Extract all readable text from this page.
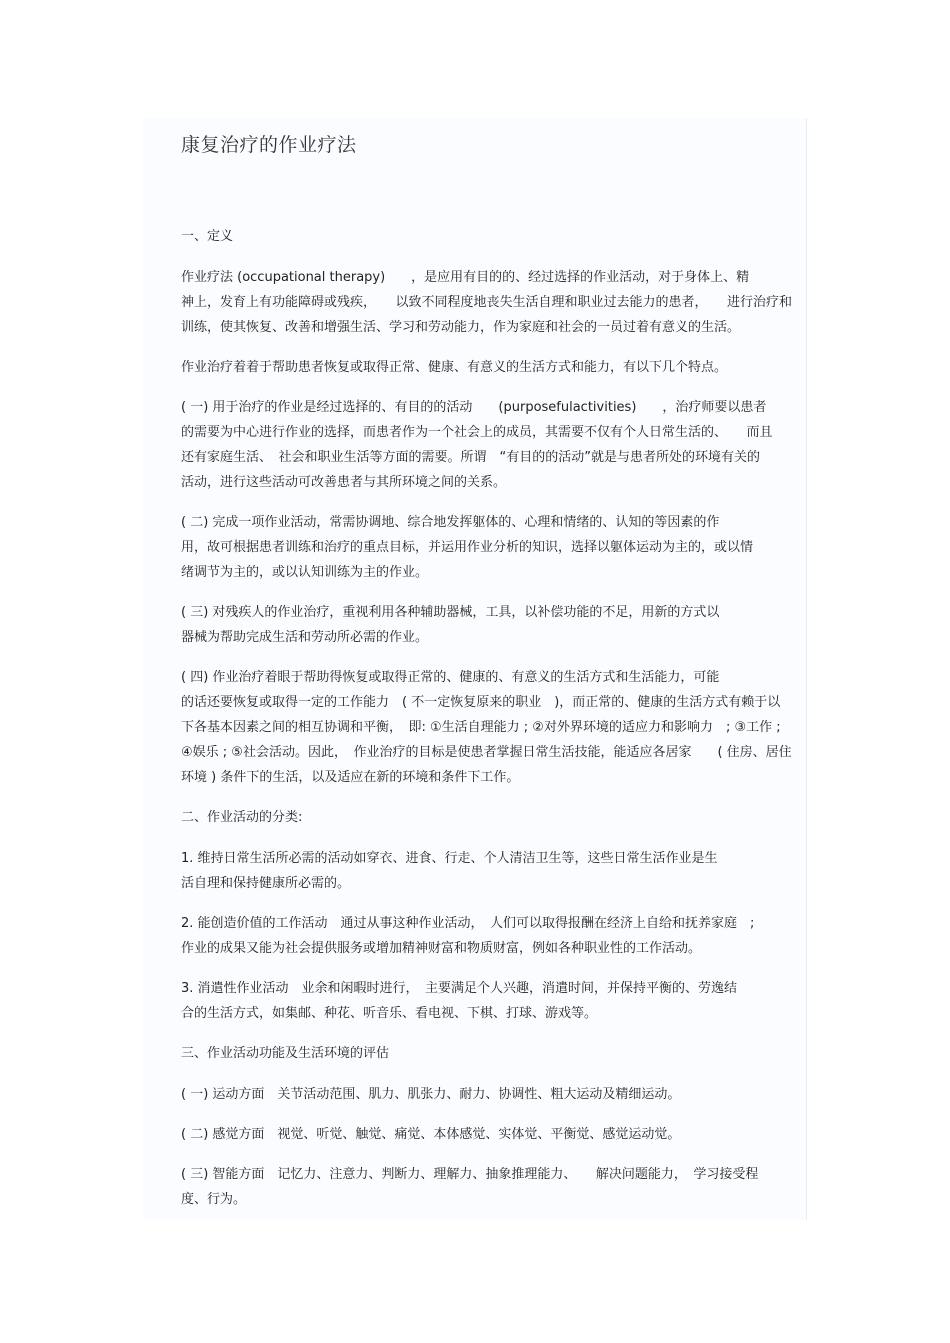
康复治疗的作业疗法

一、定义

作业疗法 (occupational therapy)　　，是应用有目的的、经过选择的作业活动，对于身体上、精
神上，发育上有功能障碍或残疾，　　以致不同程度地丧失生活自理和职业过去能力的患者，　　进行治疗和
训练，使其恢复、改善和增强生活、学习和劳动能力，作为家庭和社会的一员过着有意义的生活。

作业治疗着着于帮助患者恢复或取得正常、健康、有意义的生活方式和能力，有以下几个特点。

( 一) 用于治疗的作业是经过选择的、有目的的活动　　(purposefulactivities)　　，治疗师要以患者
的需要为中心进行作业的选择，而患者作为一个社会上的成员，其需要不仅有个人日常生活的、　　而且
还有家庭生活、　社会和职业生活等方面的需要。所谓　“有目的的活动”就是与患者所处的环境有关的
活动，进行这些活动可改善患者与其所环境之间的关系。

( 二) 完成一项作业活动，常需协调地、综合地发挥躯体的、心理和情绪的、认知的等因素的作
用，故可根据患者训练和治疗的重点目标，并运用作业分析的知识，选择以躯体运动为主的，或以情
绪调节为主的，或以认知训练为主的作业。

( 三) 对残疾人的作业治疗，重视利用各种辅助器械，工具，以补偿功能的不足，用新的方式以
器械为帮助完成生活和劳动所必需的作业。

( 四) 作业治疗着眼于帮助得恢复或取得正常的、健康的、有意义的生活方式和生活能力，可能
的话还要恢复或取得一定的工作能力　( 不一定恢复原来的职业　)，而正常的、健康的生活方式有赖于以
下各基本因素之间的相互协调和平衡，　即: ①生活自理能力 ; ②对外界环境的适应力和影响力　; ③工作 ;
④娱乐 ; ⑤社会活动。因此，　作业治疗的目标是使患者掌握日常生活技能，能适应各居家　　( 住房、居住
环境 ) 条件下的生活，以及适应在新的环境和条件下工作。

二、作业活动的分类:

1. 维持日常生活所必需的活动如穿衣、进食、行走、个人清洁卫生等，这些日常生活作业是生
活自理和保持健康所必需的。

2. 能创造价值的工作活动　通过从事这种作业活动，　人们可以取得报酬在经济上自给和抚养家庭　;
作业的成果又能为社会提供服务或增加精神财富和物质财富，例如各种职业性的工作活动。

3. 消遣性作业活动　业余和闲暇时进行，　主要满足个人兴趣，消遣时间，并保持平衡的、劳逸结
合的生活方式，如集邮、种花、听音乐、看电视、下棋、打球、游戏等。

三、作业活动功能及生活环境的评估

( 一) 运动方面　关节活动范围、肌力、肌张力、耐力、协调性、粗大运动及精细运动。

( 二) 感觉方面　视觉、听觉、触觉、痛觉、本体感觉、实体觉、平衡觉、感觉运动觉。

( 三) 智能方面　记忆力、注意力、判断力、理解力、抽象推理能力、　　解决问题能力，　学习接受程
度、行为。
